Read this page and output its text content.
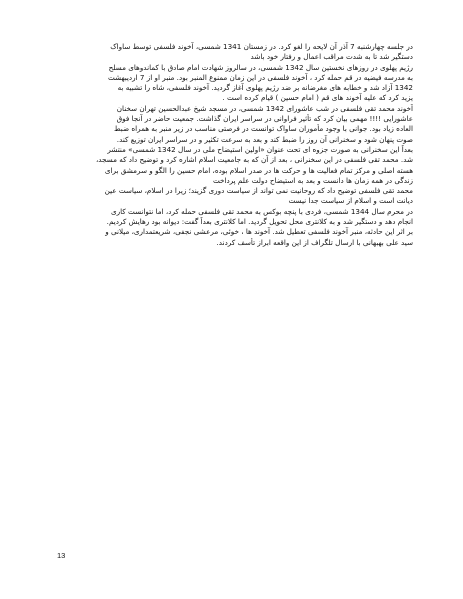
در جلسه چهارشنبه 7 آذر آن لایحه را لغو کرد. در زمستان 1341 شمسی، آخوند فلسفی توسط ساواک
دستگیر شد تا به شدت مراقب اعمال و رفتار خود باشد
رژیم پهلوی در روزهای نخستین سال 1342 شمسی، در سالروز شهادت امام صادق با کماندوهای مسلح
به مدرسه فیضیه در قم حمله کرد ، آخوند فلسفی در این زمان ممنوع المنبر بود. منبر او از 7 اردیبهشت
1342 آزاد شد و خطابه های مغرضانه بر ضد رژیم پهلوی آغاز گردید. آخوند فلسفی، شاه را تشبیه به
یزید کرد که علیه آخوند های قم ( امام حسین ) قیام کرده است .
آخوند محمد تقی فلسفی در شب عاشورای 1342 شمسی، در مسجد شیخ عبدالحسین تهران سخنان
عاشورایی !!!! مهمی بیان کرد که تأثیر فراوانی در سراسر ایران گذاشت. جمعیت حاضر در آنجا فوق
العاده زیاد بود. جوانی با وجود مأموران ساواک توانست در فرصتی مناسب در زیر منبر به همراه ضبط
صوت پنهان شود و سخنرانی آن روز را ضبط کند و بعد به سرعت تکثیر و در سراسر ایران توزیع کند.
بعداً این سخنرانی به صورت جزوه ای تحت عنوان «اولین استیضاح ملی در سال 1342 شمسی» منتشر
شد. محمد تقی فلسفی در این سخنرانی ، بعد از آن که به جامعیت اسلام اشاره کرد و توضیح داد که مسجد،
هسته اصلی و مرکز تمام فعالیت ها و حرکت ها در صدر اسلام بوده، امام حسین را الگو و سرمشق برای
زندگی در همه زمان ها دانست و بعد به استیضاح دولت علم پرداخت
محمد تقی فلسفی توضیح داد که روحانیت نمی تواند از سیاست دوری گزیند؛ زیرا در اسلام، سیاست عین
دیانت است و اسلام از سیاست جدا نیست
در محرم سال 1344 شمسی، فردی با پنچه بوکس به محمد تقی فلسفی حمله کرد، اما نتوانست کاری
انجام دهد و دستگیر شد و به کلانتری محل تحویل گردید. اما کلانتری بعداً گفت: دیوانه بود رهایش کردیم.
بر اثر این حادثه، منبر آخوند فلسفی تعطیل شد. آخوند ها ، خوئی، مرعشی نجفی، شریعتمداری، میلانی و
سید علی بهبهانی با ارسال تلگراف از این واقعه ابراز تأسف کردند.
13
